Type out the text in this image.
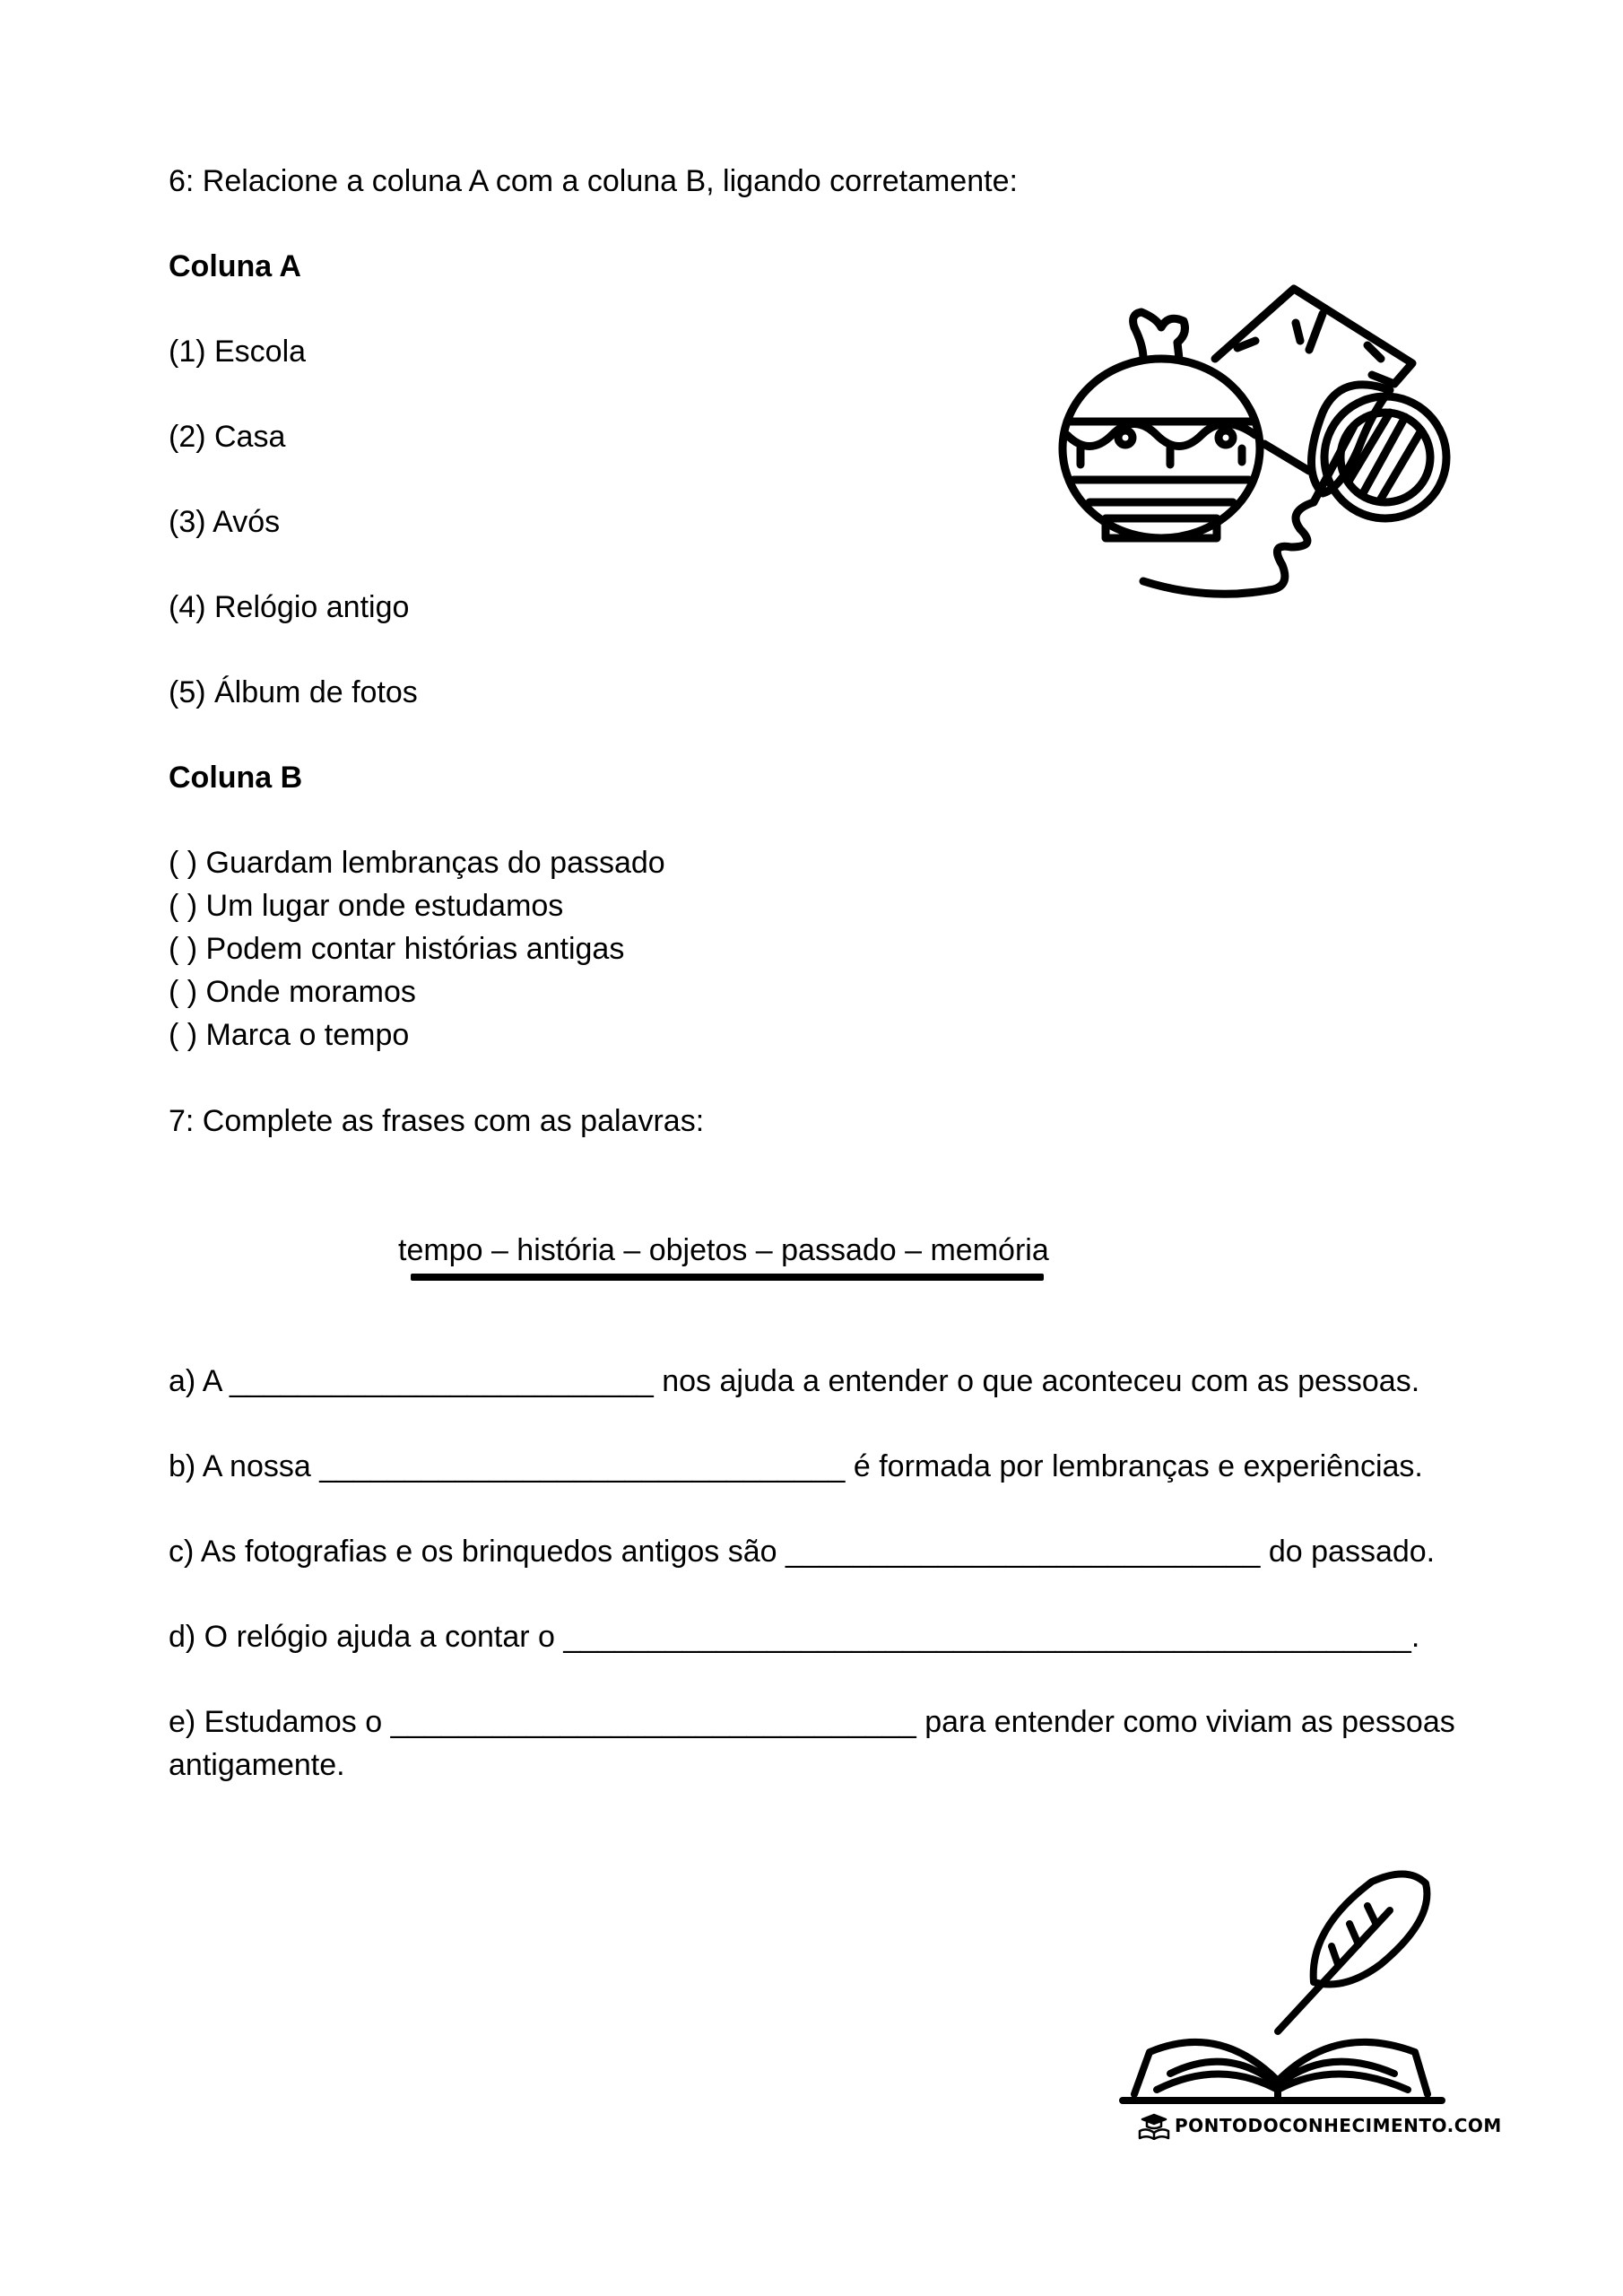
6: Relacione a coluna A com a coluna B, ligando corretamente:
Coluna A
(1) Escola
(2) Casa
(3) Avós
(4) Relógio antigo
(5) Álbum de fotos
Coluna B
( ) Guardam lembranças do passado
( ) Um lugar onde estudamos
( ) Podem contar histórias antigas
( ) Onde moramos
( ) Marca o tempo
7: Complete as frases com as palavras:
tempo – história – objetos – passado – memória
a) A _________________________ nos ajuda a entender o que aconteceu com as pessoas.
b) A nossa _______________________________ é formada por lembranças e experiências.
c) As fotografias e os brinquedos antigos são ____________________________ do passado.
d) O relógio ajuda a contar o __________________________________________________.
e) Estudamos o _______________________________ para entender como viviam as pessoas
antigamente.
PONTODOCONHECIMENTO.COM
